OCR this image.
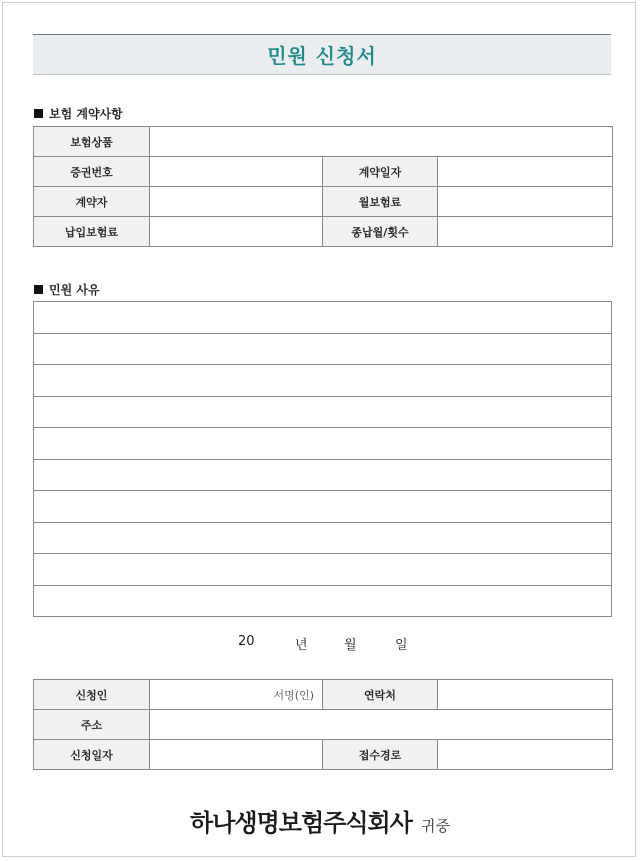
민원 신청서
보험 계약사항
보험상품			
증권번호		계약일자	
계약자		월보험료	
납입보험료		종납월/횟수	
민원 사유

20	년	월	일
신청인	서명(인)	연락처	
주소			
신청일자		접수경로	
하나생명보험주식회사 귀중
